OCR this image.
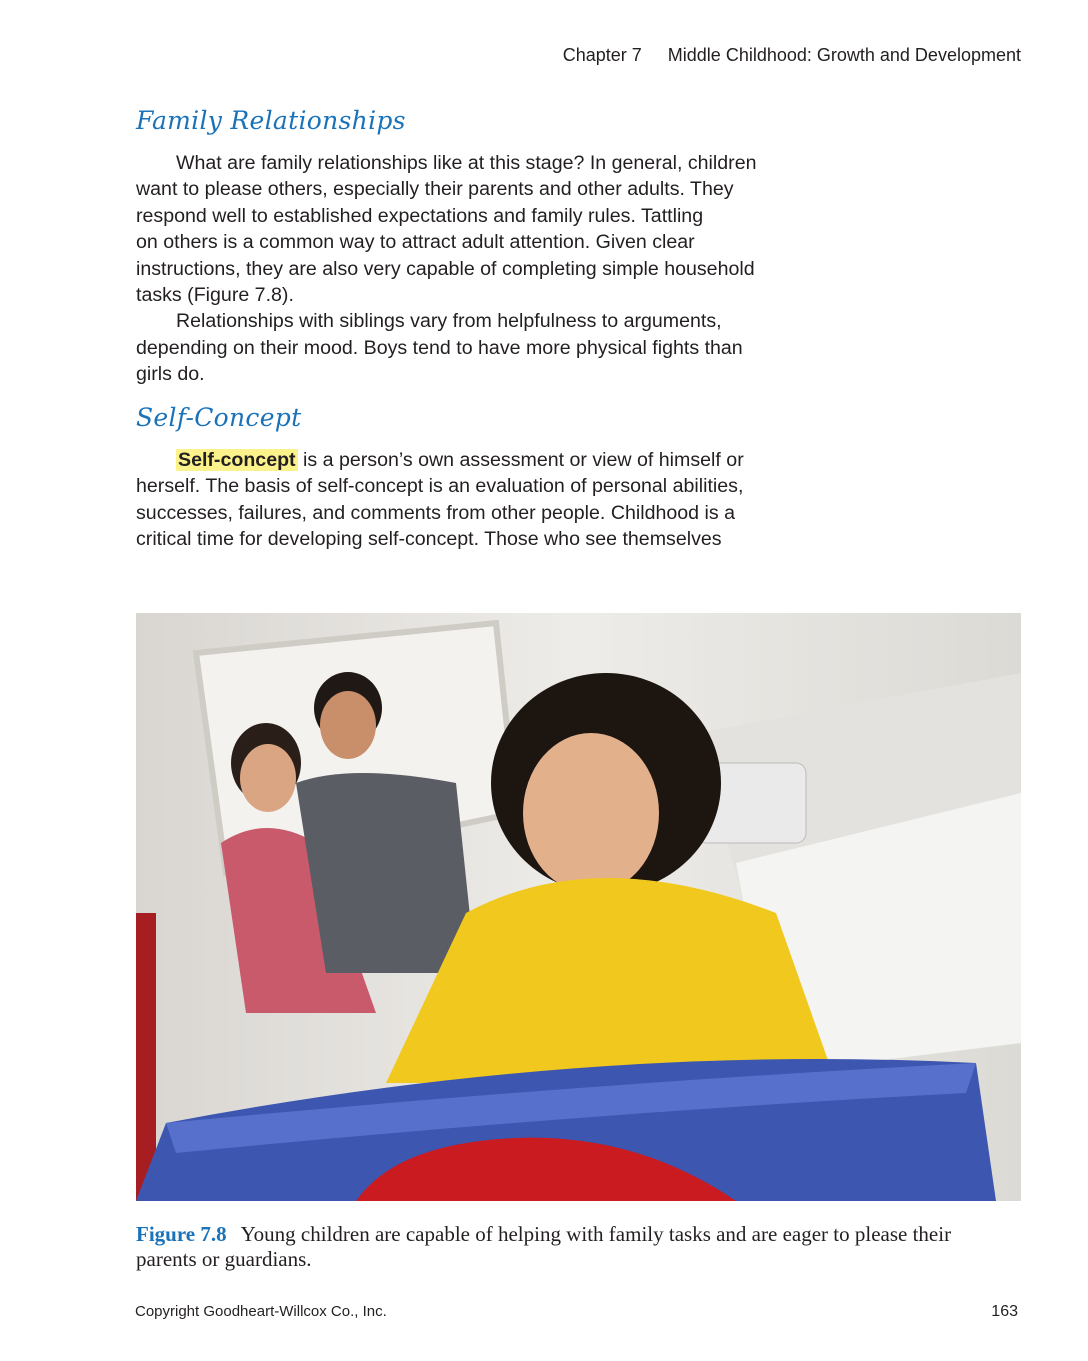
Chapter 7 Middle Childhood: Growth and Development
Family Relationships
What are family relationships like at this stage? In general, children
want to please others, especially their parents and other adults. They
respond well to established expectations and family rules. Tattling
on others is a common way to attract adult attention. Given clear
instructions, they are also very capable of completing simple household
tasks (Figure 7.8).
Relationships with siblings vary from helpfulness to arguments,
depending on their mood. Boys tend to have more physical fights than
girls do.
Self-Concept
Self-concept is a person’s own assessment or view of himself or
herself. The basis of self-concept is an evaluation of personal abilities,
successes, failures, and comments from other people. Childhood is a
critical time for developing self-concept. Those who see themselves
Figure 7.8 Young children are capable of helping with family tasks and are eager to please their parents or guardians.
Copyright Goodheart-Willcox Co., Inc.	163
